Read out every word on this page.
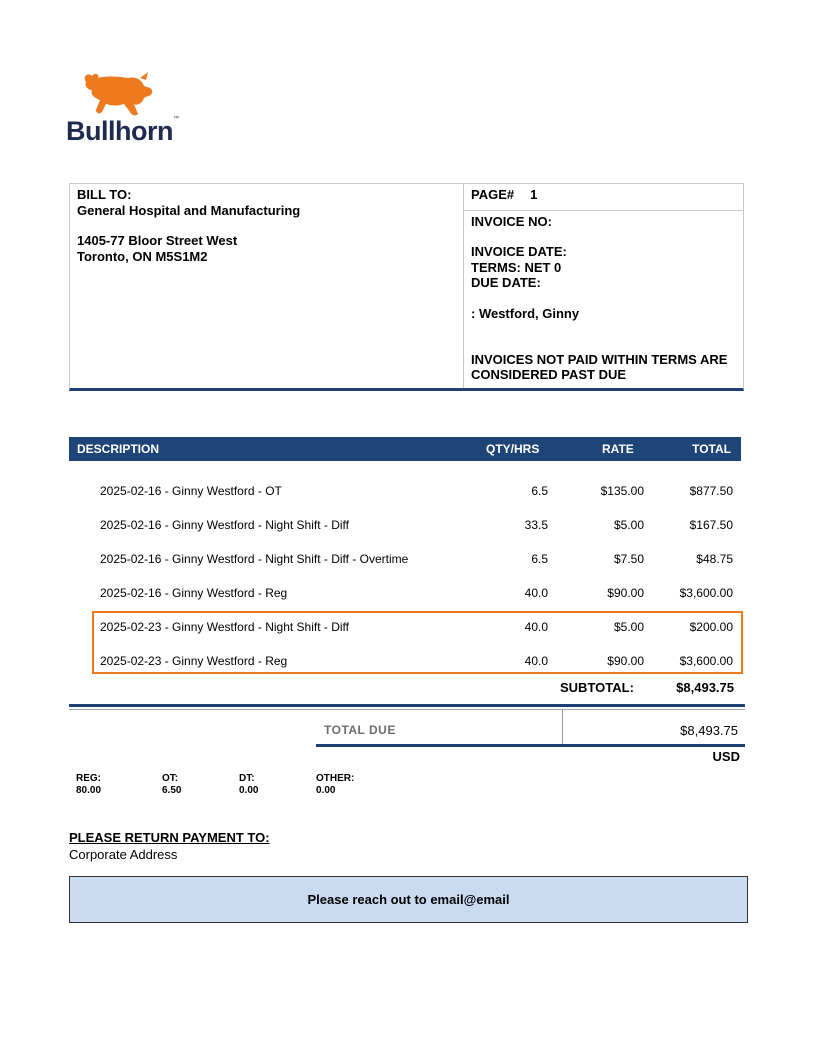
Bullhorn™
BILL TO:
General Hospital and Manufacturing
1405-77 Bloor Street West
Toronto, ON M5S1M2
PAGE# 1
INVOICE NO:
INVOICE DATE:
TERMS: NET 0
DUE DATE:
: Westford, Ginny
INVOICES NOT PAID WITHIN TERMS ARE
CONSIDERED PAST DUE
DESCRIPTION	QTY/HRS	RATE	TOTAL
2025-02-16 - Ginny Westford - OT	6.5	$135.00	$877.50
2025-02-16 - Ginny Westford - Night Shift - Diff	33.5	$5.00	$167.50
2025-02-16 - Ginny Westford - Night Shift - Diff - Overtime	6.5	$7.50	$48.75
2025-02-16 - Ginny Westford - Reg	40.0	$90.00	$3,600.00
2025-02-23 - Ginny Westford - Night Shift - Diff	40.0	$5.00	$200.00
2025-02-23 - Ginny Westford - Reg	40.0	$90.00	$3,600.00
SUBTOTAL:	$8,493.75
TOTAL DUE	$8,493.75
USD
REG:
80.00
OT:
6.50
DT:
0.00
OTHER:
0.00
PLEASE RETURN PAYMENT TO:
Corporate Address
Please reach out to email@email
